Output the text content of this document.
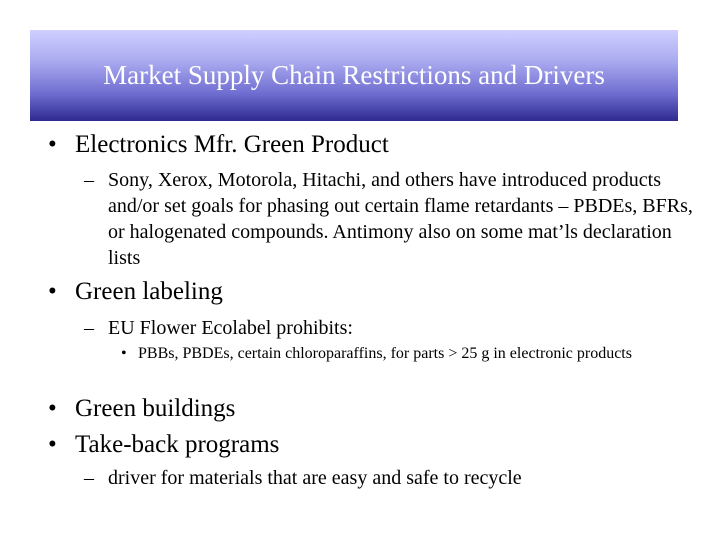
Market Supply Chain Restrictions and Drivers
• Electronics Mfr. Green Product
– Sony, Xerox, Motorola, Hitachi, and others have introduced products and/or set goals for phasing out certain flame retardants – PBDEs, BFRs, or halogenated compounds. Antimony also on some mat’ls declaration lists
• Green labeling
– EU Flower Ecolabel prohibits:
• PBBs, PBDEs, certain chloroparaffins, for parts > 25 g in electronic products
• Green buildings
• Take-back programs
– driver for materials that are easy and safe to recycle
